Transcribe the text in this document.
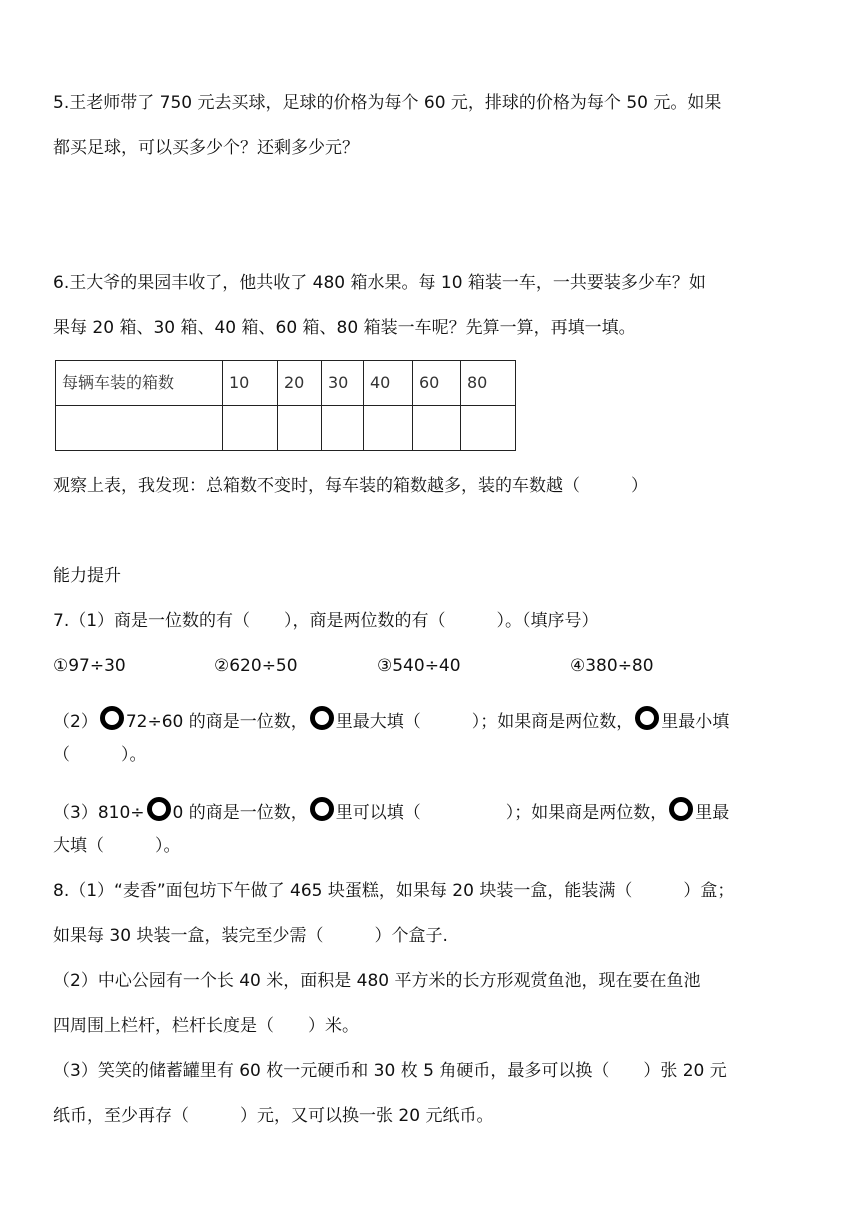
5.王老师带了 750 元去买球，足球的价格为每个 60 元，排球的价格为每个 50 元。如果
都买足球，可以买多少个？还剩多少元？
6.王大爷的果园丰收了，他共收了 480 箱水果。每 10 箱装一车，一共要装多少车？如
果每 20 箱、30 箱、40 箱、60 箱、80 箱装一车呢？先算一算，再填一填。
每辆车装的箱数	10	20	30	40	60	80

观察上表，我发现：总箱数不变时，每车装的箱数越多，装的车数越（　　　）
能力提升
7.（1）商是一位数的有（　　），商是两位数的有（　　　）。（填序号）
①97÷30	②620÷50	③540÷40	④380÷80
（2） 72÷60 的商是一位数， 里最大填（　　　）；如果商是两位数， 里最小填
（　　　）。
（3）810÷ 0 的商是一位数， 里可以填（　　　　　）；如果商是两位数， 里最
大填（　　　）。
8.（1）“麦香”面包坊下午做了 465 块蛋糕，如果每 20 块装一盒，能装满（　　　）盒；
如果每 30 块装一盒，装完至少需（　　　）个盒子.
（2）中心公园有一个长 40 米，面积是 480 平方米的长方形观赏鱼池，现在要在鱼池
四周围上栏杆，栏杆长度是（　　）米。
（3）笑笑的储蓄罐里有 60 枚一元硬币和 30 枚 5 角硬币，最多可以换（　　）张 20 元
纸币，至少再存（　　　）元，又可以换一张 20 元纸币。
